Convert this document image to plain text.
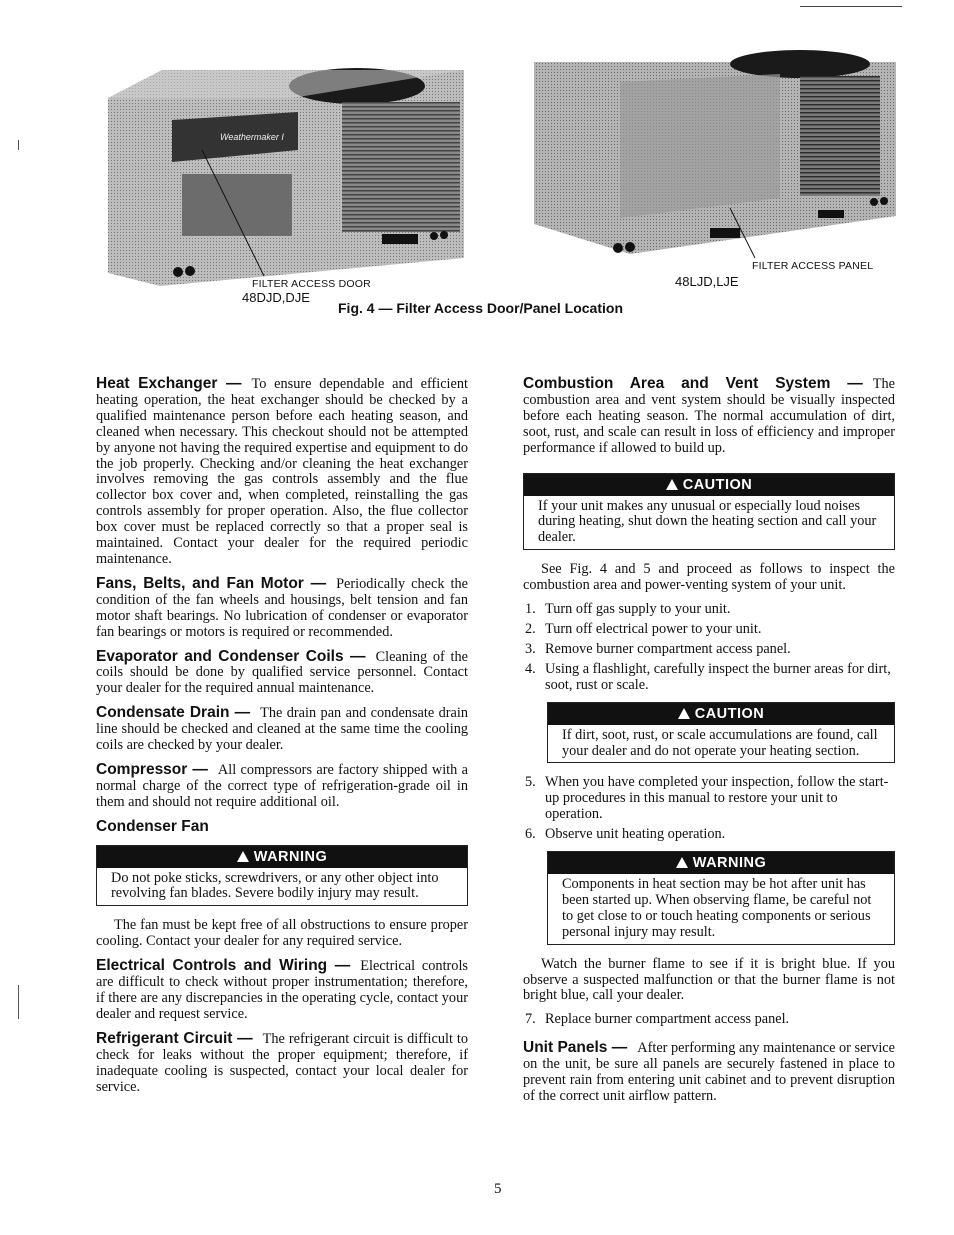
Weathermaker I
FILTER ACCESS DOOR
48DJD,DJE
FILTER ACCESS PANEL
48LJD,LJE
Fig. 4 — Filter Access Door/Panel Location

Heat Exchanger — To ensure dependable and efficient heating operation, the heat exchanger should be checked by a qualified maintenance person before each heating season, and cleaned when necessary. This checkout should not be attempted by anyone not having the required expertise and equipment to do the job properly. Checking and/or cleaning the heat exchanger involves removing the gas controls assembly and the flue collector box cover and, when completed, reinstalling the gas controls assembly for proper operation. Also, the flue collector box cover must be replaced correctly so that a proper seal is maintained. Contact your dealer for the required periodic maintenance.

Fans, Belts, and Fan Motor — Periodically check the condition of the fan wheels and housings, belt tension and fan motor shaft bearings. No lubrication of condenser or evaporator fan bearings or motors is required or recommended.

Evaporator and Condenser Coils — Cleaning of the coils should be done by qualified service personnel. Contact your dealer for the required annual maintenance.

Condensate Drain — The drain pan and condensate drain line should be checked and cleaned at the same time the cooling coils are checked by your dealer.

Compressor — All compressors are factory shipped with a normal charge of the correct type of refrigeration-grade oil in them and should not require additional oil.

Condenser Fan
WARNING
Do not poke sticks, screwdrivers, or any other object into revolving fan blades. Severe bodily injury may result.

The fan must be kept free of all obstructions to ensure proper cooling. Contact your dealer for any required service.

Electrical Controls and Wiring — Electrical controls are difficult to check without proper instrumentation; therefore, if there are any discrepancies in the operating cycle, contact your dealer and request service.

Refrigerant Circuit — The refrigerant circuit is difficult to check for leaks without the proper equipment; therefore, if inadequate cooling is suspected, contact your local dealer for service.

Combustion Area and Vent System — The combustion area and vent system should be visually inspected before each heating season. The normal accumulation of dirt, soot, rust, and scale can result in loss of efficiency and improper performance if allowed to build up.

CAUTION
If your unit makes any unusual or especially loud noises during heating, shut down the heating section and call your dealer.

See Fig. 4 and 5 and proceed as follows to inspect the combustion area and power-venting system of your unit.

1. Turn off gas supply to your unit.
2. Turn off electrical power to your unit.
3. Remove burner compartment access panel.
4. Using a flashlight, carefully inspect the burner areas for dirt, soot, rust or scale.
CAUTION
If dirt, soot, rust, or scale accumulations are found, call your dealer and do not operate your heating section.
5. When you have completed your inspection, follow the start-up procedures in this manual to restore your unit to operation.
6. Observe unit heating operation.
WARNING
Components in heat section may be hot after unit has been started up. When observing flame, be careful not to get close to or touch heating components or serious personal injury may result.

Watch the burner flame to see if it is bright blue. If you observe a suspected malfunction or that the burner flame is not bright blue, call your dealer.

7. Replace burner compartment access panel.

Unit Panels — After performing any maintenance or service on the unit, be sure all panels are securely fastened in place to prevent rain from entering unit cabinet and to prevent disruption of the correct unit airflow pattern.

5
